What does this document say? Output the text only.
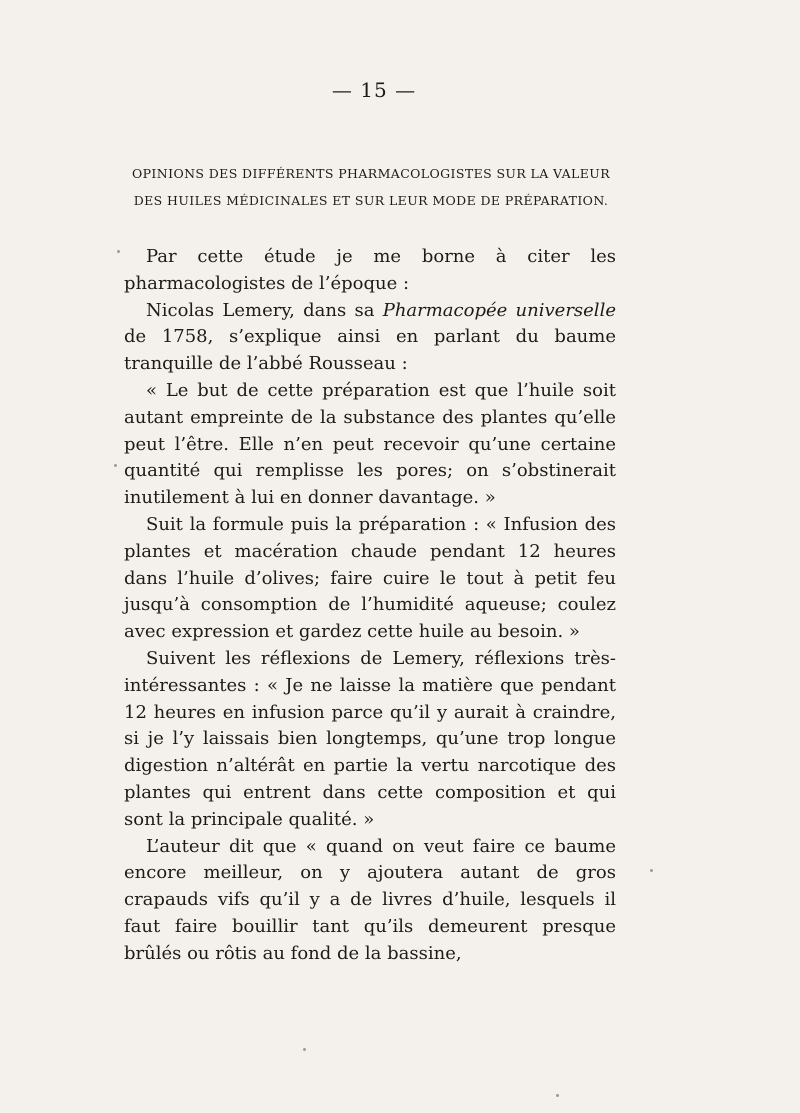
— 15 —
OPINIONS DES DIFFÉRENTS PHARMACOLOGISTES SUR LA VALEUR
DES HUILES MÉDICINALES ET SUR LEUR MODE DE PRÉPARATION.

Par cette étude je me borne à citer les pharmacologistes de l’époque :

Nicolas Lemery, dans sa Pharmacopée universelle de 1758, s’explique ainsi en parlant du baume tranquille de l’abbé Rousseau :

« Le but de cette préparation est que l’huile soit autant empreinte de la substance des plantes qu’elle peut l’être. Elle n’en peut recevoir qu’une certaine quantité qui remplisse les pores; on s’obstinerait inutilement à lui en donner davantage. »

Suit la formule puis la préparation : « Infusion des plantes et macération chaude pendant 12 heures dans l’huile d’olives; faire cuire le tout à petit feu jusqu’à consomption de l’humidité aqueuse; coulez avec expression et gardez cette huile au besoin. »

Suivent les réflexions de Lemery, réflexions très-intéressantes : « Je ne laisse la matière que pendant 12 heures en infusion parce qu’il y aurait à craindre, si je l’y laissais bien longtemps, qu’une trop longue digestion n’altérât en partie la vertu narcotique des plantes qui entrent dans cette composition et qui sont la principale qualité. »

L’auteur dit que « quand on veut faire ce baume encore meilleur, on y ajoutera autant de gros crapauds vifs qu’il y a de livres d’huile, lesquels il faut faire bouillir tant qu’ils demeurent presque brûlés ou rôtis au fond de la bassine,
